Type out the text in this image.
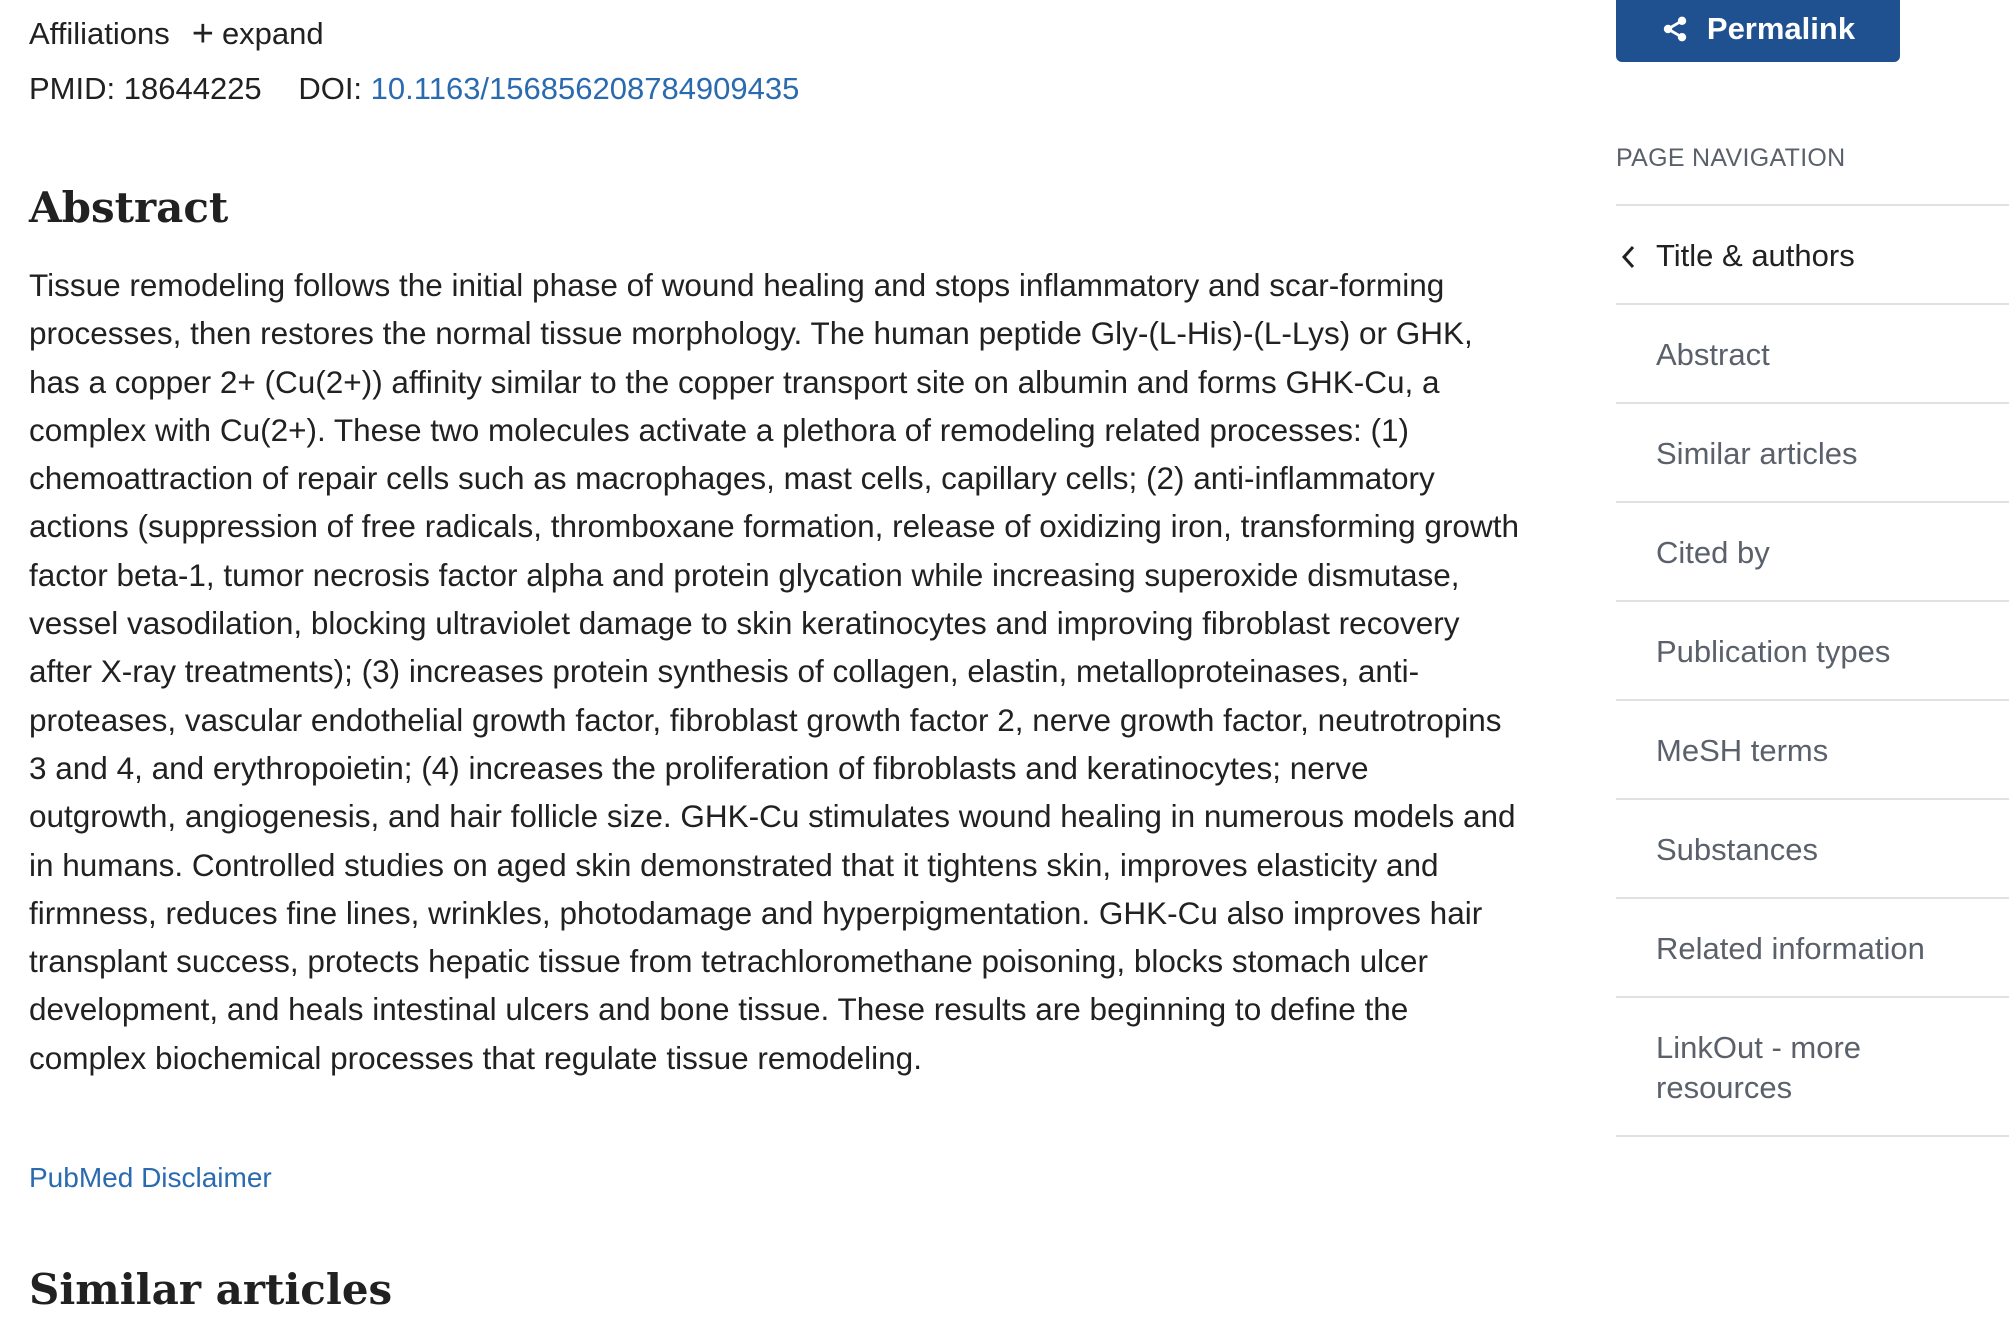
Affiliations + expand
PMID: 18644225 DOI: 10.1163/156856208784909435
Abstract

Tissue remodeling follows the initial phase of wound healing and stops inflammatory and scar-forming processes, then restores the normal tissue morphology. The human peptide Gly-(L-His)-(L-Lys) or GHK, has a copper 2+ (Cu(2+)) affinity similar to the copper transport site on albumin and forms GHK-Cu, a complex with Cu(2+). These two molecules activate a plethora of remodeling related processes: (1) chemoattraction of repair cells such as macrophages, mast cells, capillary cells; (2) anti-inflammatory actions (suppression of free radicals, thromboxane formation, release of oxidizing iron, transforming growth factor beta-1, tumor necrosis factor alpha and protein glycation while increasing superoxide dismutase, vessel vasodilation, blocking ultraviolet damage to skin keratinocytes and improving fibroblast recovery after X-ray treatments); (3) increases protein synthesis of collagen, elastin, metalloproteinases, anti-proteases, vascular endothelial growth factor, fibroblast growth factor 2, nerve growth factor, neutrotropins 3 and 4, and erythropoietin; (4) increases the proliferation of fibroblasts and keratinocytes; nerve outgrowth, angiogenesis, and hair follicle size. GHK-Cu stimulates wound healing in numerous models and in humans. Controlled studies on aged skin demonstrated that it tightens skin, improves elasticity and firmness, reduces fine lines, wrinkles, photodamage and hyperpigmentation. GHK-Cu also improves hair transplant success, protects hepatic tissue from tetrachloromethane poisoning, blocks stomach ulcer development, and heals intestinal ulcers and bone tissue. These results are beginning to define the complex biochemical processes that regulate tissue remodeling.

PubMed Disclaimer
Similar articles
Permalink
PAGE NAVIGATION
Title & authors
Abstract
Similar articles
Cited by
Publication types
MeSH terms
Substances
Related information
LinkOut - more resources
